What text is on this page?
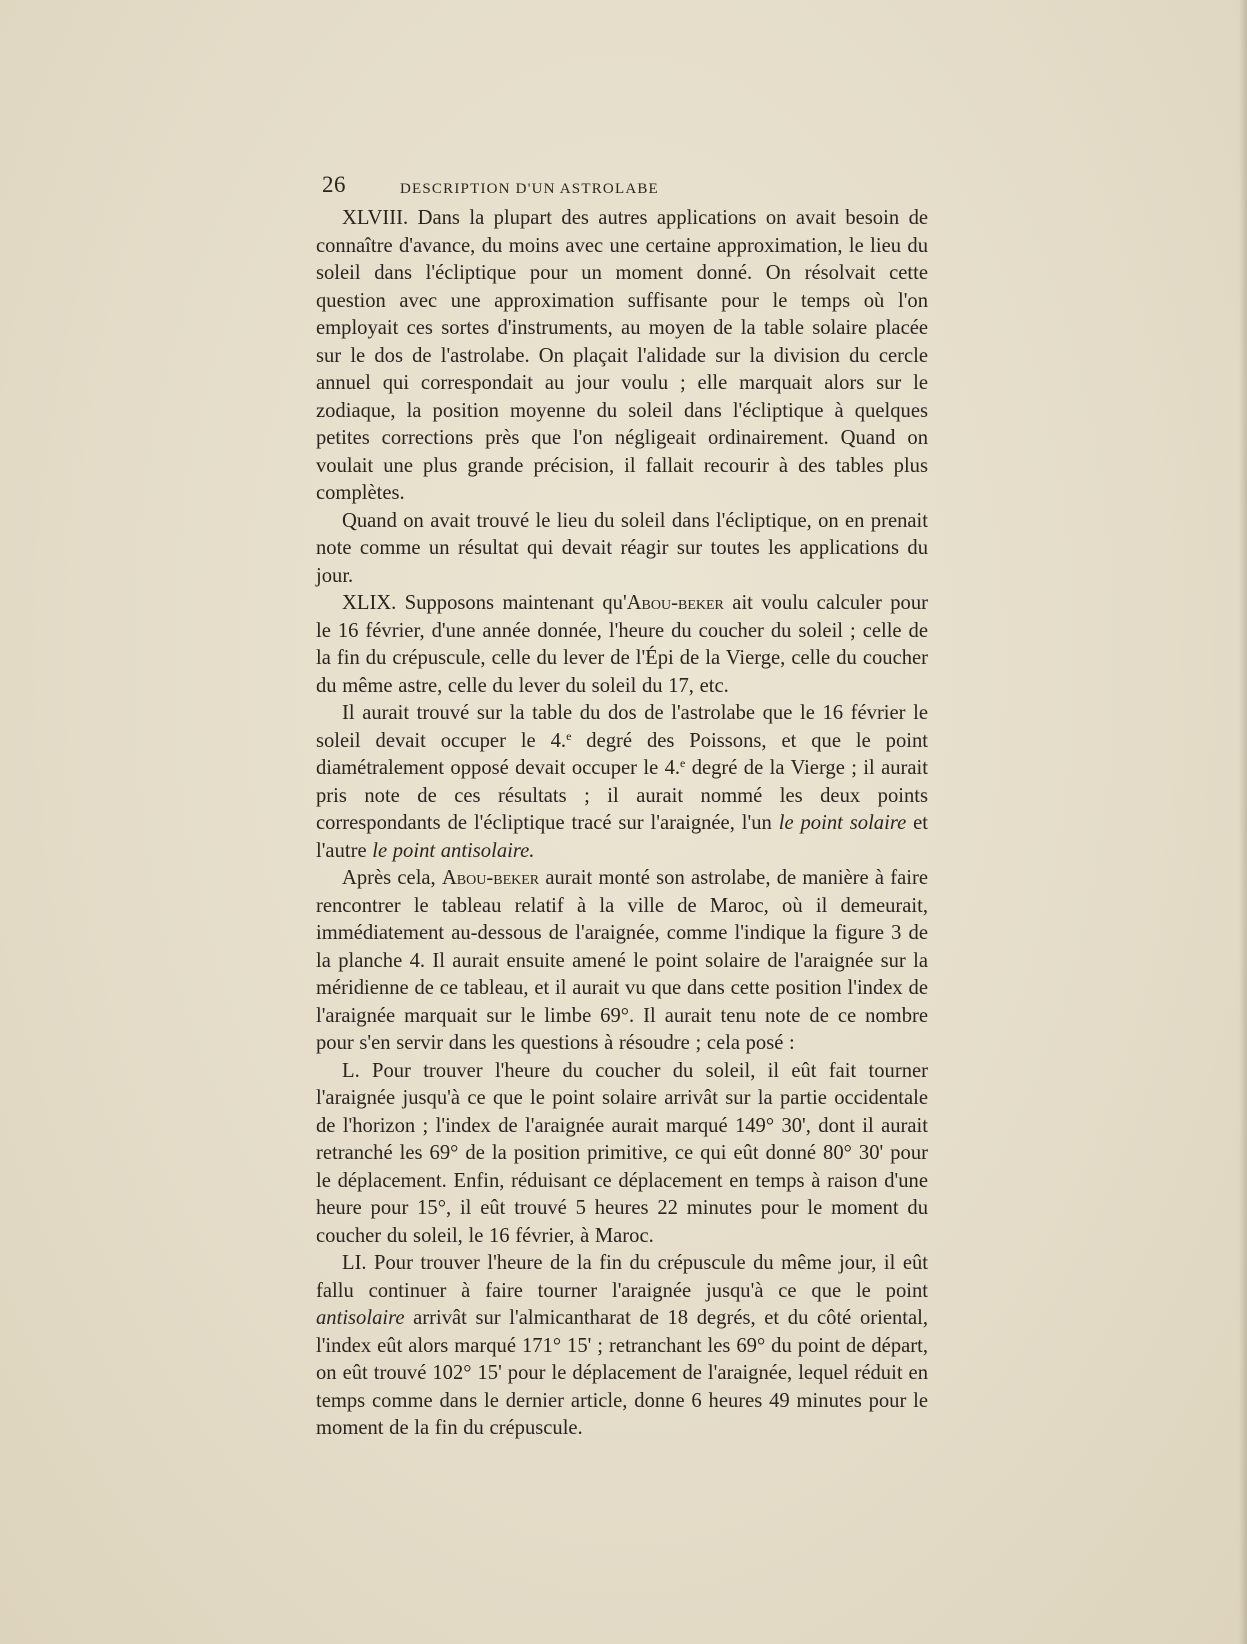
26	DESCRIPTION D'UN ASTROLABE

XLVIII. Dans la plupart des autres applications on avait besoin de connaître d'avance, du moins avec une certaine approximation, le lieu du soleil dans l'écliptique pour un moment donné. On résolvait cette question avec une approximation suffisante pour le temps où l'on employait ces sortes d'instruments, au moyen de la table solaire placée sur le dos de l'astrolabe. On plaçait l'alidade sur la division du cercle annuel qui correspondait au jour voulu ; elle marquait alors sur le zodiaque, la position moyenne du soleil dans l'écliptique à quelques petites corrections près que l'on négligeait ordinairement. Quand on voulait une plus grande précision, il fallait recourir à des tables plus complètes.

Quand on avait trouvé le lieu du soleil dans l'écliptique, on en prenait note comme un résultat qui devait réagir sur toutes les applications du jour.

XLIX. Supposons maintenant qu'Abou-beker ait voulu calculer pour le 16 février, d'une année donnée, l'heure du coucher du soleil ; celle de la fin du crépuscule, celle du lever de l'Épi de la Vierge, celle du coucher du même astre, celle du lever du soleil du 17, etc.

Il aurait trouvé sur la table du dos de l'astrolabe que le 16 février le soleil devait occuper le 4.$^e$ degré des Poissons, et que le point diamétralement opposé devait occuper le 4.$^e$ degré de la Vierge ; il aurait pris note de ces résultats ; il aurait nommé les deux points correspondants de l'écliptique tracé sur l'araignée, l'un le point solaire et l'autre le point antisolaire.

Après cela, Abou-beker aurait monté son astrolabe, de manière à faire rencontrer le tableau relatif à la ville de Maroc, où il demeurait, immédiatement au-dessous de l'araignée, comme l'indique la figure 3 de la planche 4. Il aurait ensuite amené le point solaire de l'araignée sur la méridienne de ce tableau, et il aurait vu que dans cette position l'index de l'araignée marquait sur le limbe 69°. Il aurait tenu note de ce nombre pour s'en servir dans les questions à résoudre ; cela posé :

L. Pour trouver l'heure du coucher du soleil, il eût fait tourner l'araignée jusqu'à ce que le point solaire arrivât sur la partie occidentale de l'horizon ; l'index de l'araignée aurait marqué 149° 30', dont il aurait retranché les 69° de la position primitive, ce qui eût donné 80° 30' pour le déplacement. Enfin, réduisant ce déplacement en temps à raison d'une heure pour 15°, il eût trouvé 5 heures 22 minutes pour le moment du coucher du soleil, le 16 février, à Maroc.

LI. Pour trouver l'heure de la fin du crépuscule du même jour, il eût fallu continuer à faire tourner l'araignée jusqu'à ce que le point antisolaire arrivât sur l'almicantharat de 18 degrés, et du côté oriental, l'index eût alors marqué 171° 15' ; retranchant les 69° du point de départ, on eût trouvé 102° 15' pour le déplacement de l'araignée, lequel réduit en temps comme dans le dernier article, donne 6 heures 49 minutes pour le moment de la fin du crépuscule.
